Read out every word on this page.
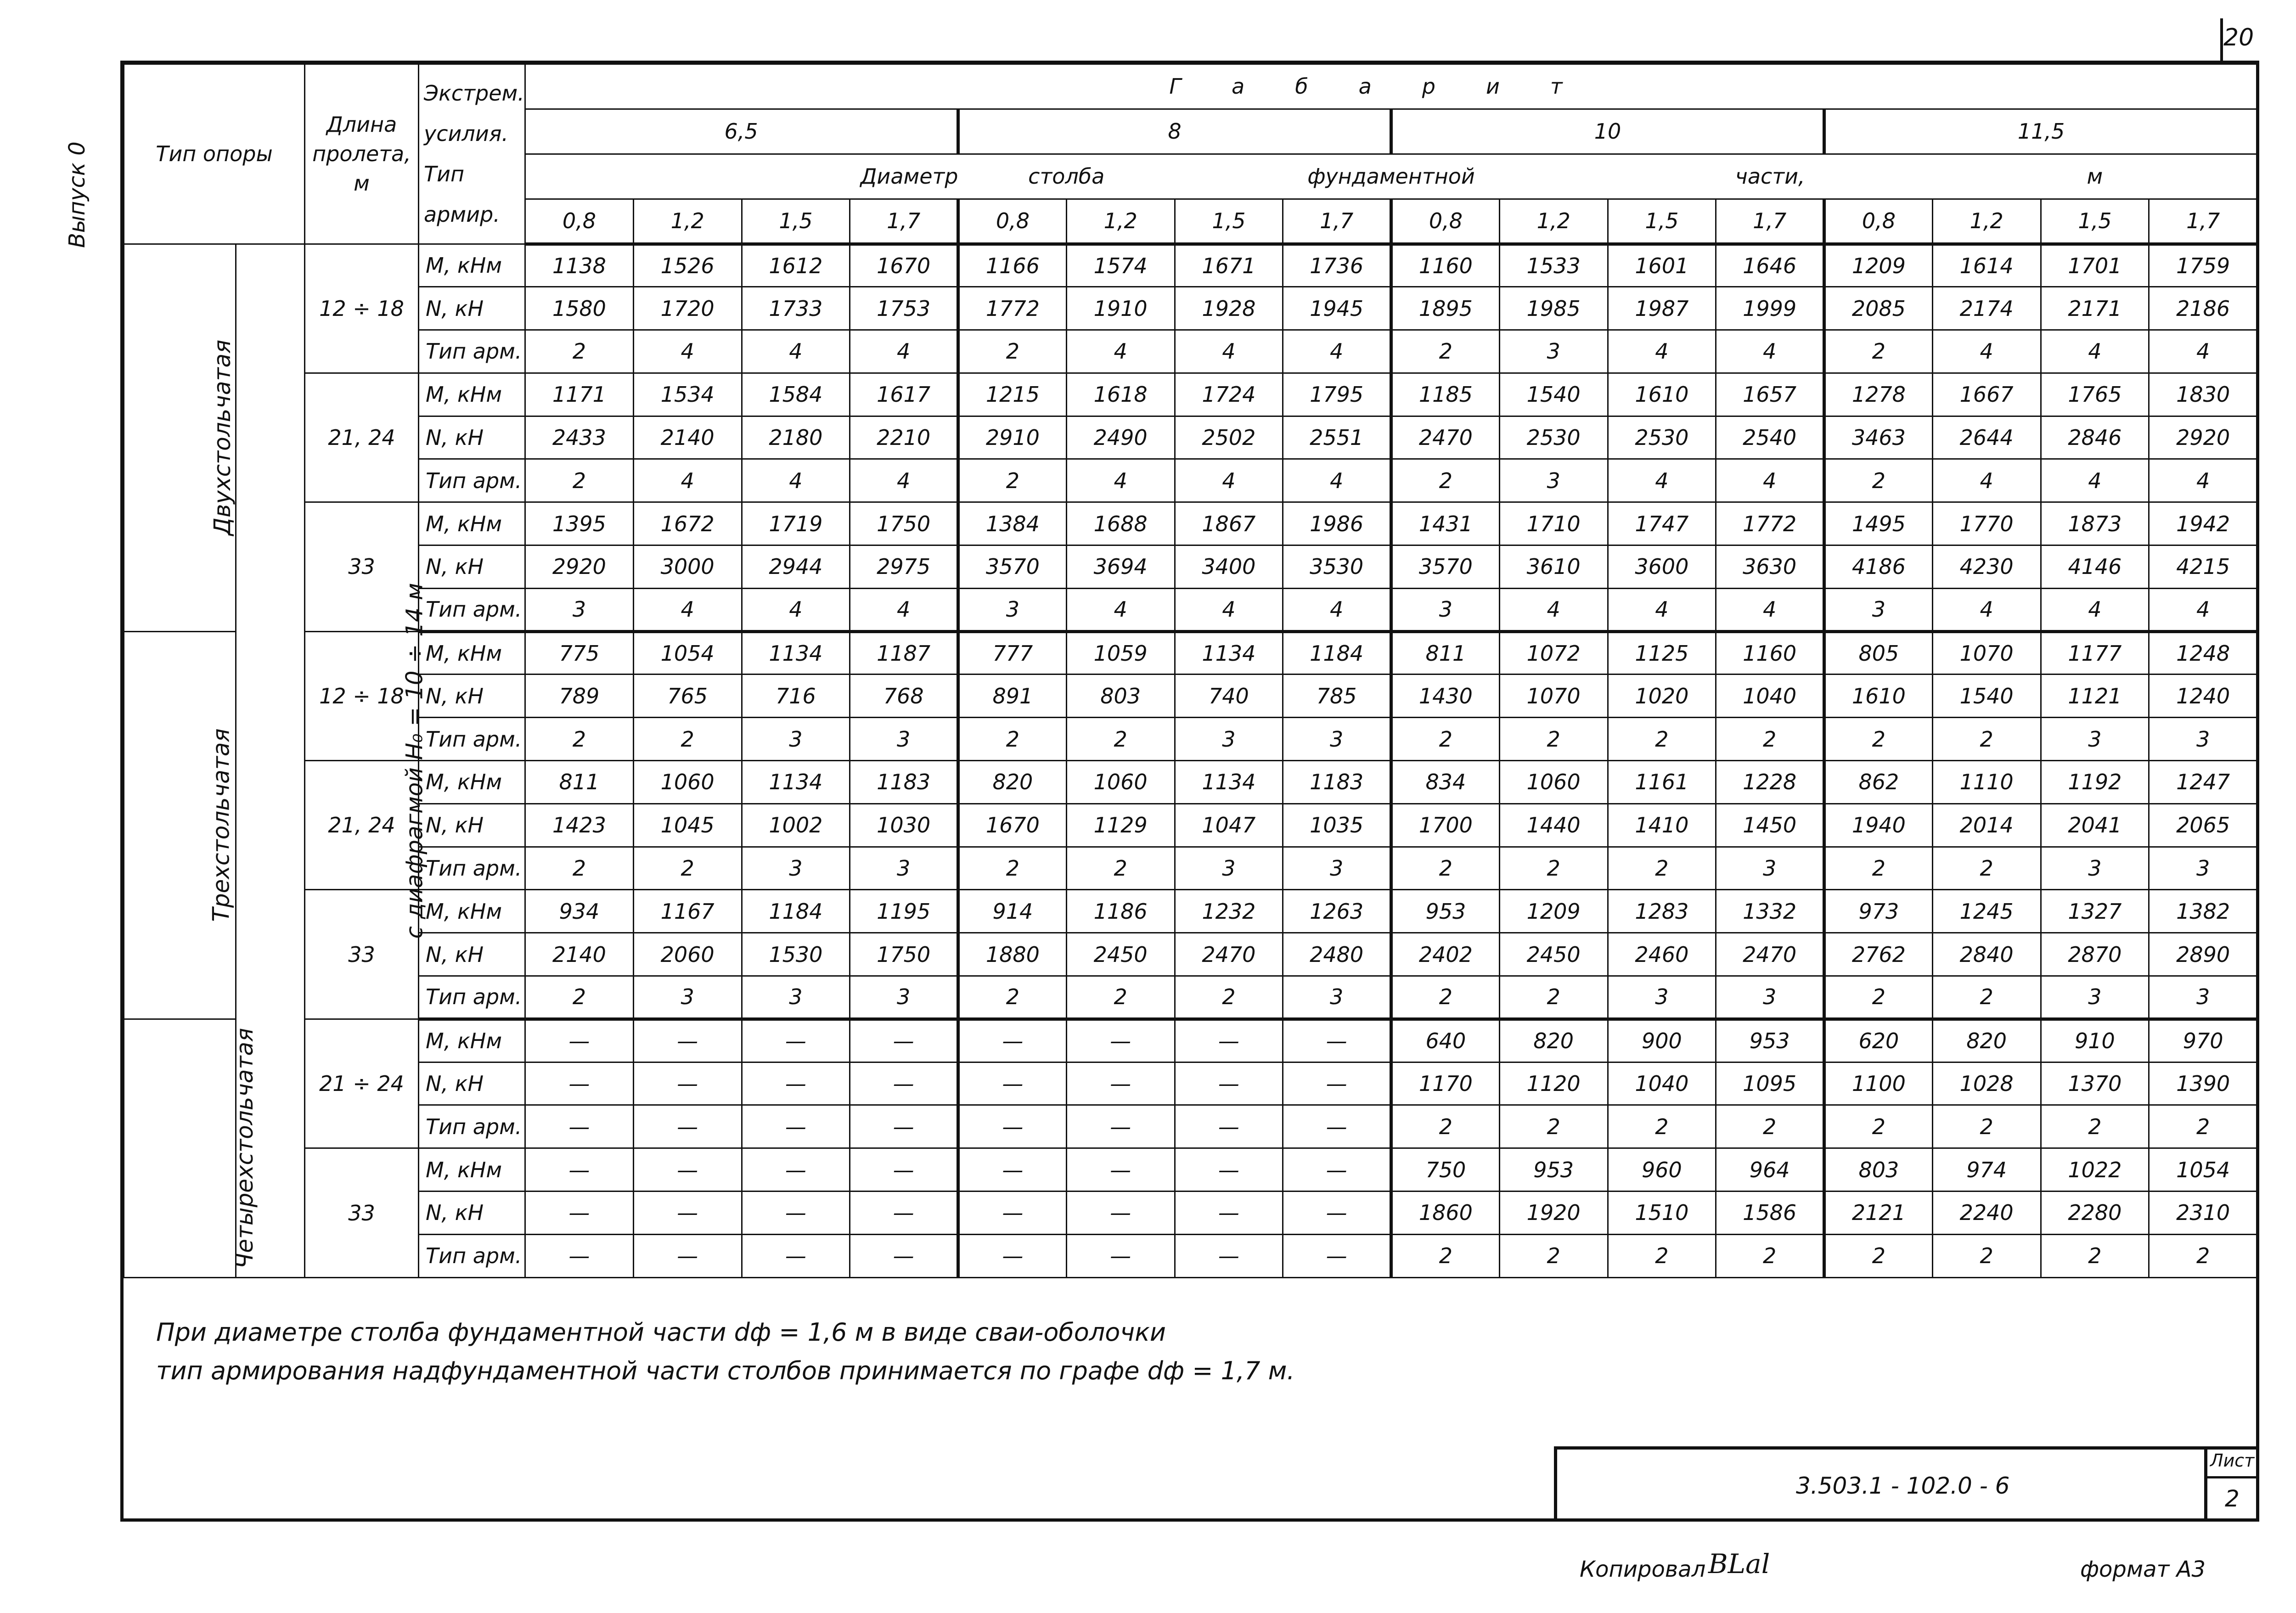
20
Выпуск 0	Тип опоры		Длина пролета, м	Экстрем. усилия. Тип армир.	Габарит															
				6,5				8				10				11,5			
				Диаметр				столба		фундаментной				части,			м		
				0,8	1,2	1,5	1,7	0,8	1,2	1,5	1,7	0,8	1,2	1,5	1,7	0,8	1,2	1,5	1,7
Двухстольчатая	с диафрагмой H₀ = 10 ÷ 14 м	12 ÷ 18	M, кНм	1138	1526	1612	1670	1166	1574	1671	1736	1160	1533	1601	1646	1209	1614	1701	1759
			N, кН	1580	1720	1733	1753	1772	1910	1928	1945	1895	1985	1987	1999	2085	2174	2171	2186
			Тип арм.	2	4	4	4	2	4	4	4	2	3	4	4	2	4	4	4
		21, 24	M, кНм	1171	1534	1584	1617	1215	1618	1724	1795	1185	1540	1610	1657	1278	1667	1765	1830
			N, кН	2433	2140	2180	2210	2910	2490	2502	2551	2470	2530	2530	2540	3463	2644	2846	2920
			Тип арм.	2	4	4	4	2	4	4	4	2	3	4	4	2	4	4	4
		33	M, кНм	1395	1672	1719	1750	1384	1688	1867	1986	1431	1710	1747	1772	1495	1770	1873	1942
			N, кН	2920	3000	2944	2975	3570	3694	3400	3530	3570	3610	3600	3630	4186	4230	4146	4215
			Тип арм.	3	4	4	4	3	4	4	4	3	4	4	4	3	4	4	4
Трехстольчатая		12 ÷ 18	M, кНм	775	1054	1134	1187	777	1059	1134	1184	811	1072	1125	1160	805	1070	1177	1248
			N, кН	789	765	716	768	891	803	740	785	1430	1070	1020	1040	1610	1540	1121	1240
			Тип арм.	2	2	3	3	2	2	3	3	2	2	2	2	2	2	3	3
		21, 24	M, кНм	811	1060	1134	1183	820	1060	1134	1183	834	1060	1161	1228	862	1110	1192	1247
			N, кН	1423	1045	1002	1030	1670	1129	1047	1035	1700	1440	1410	1450	1940	2014	2041	2065
			Тип арм.	2	2	3	3	2	2	3	3	2	2	2	3	2	2	3	3
		33	M, кНм	934	1167	1184	1195	914	1186	1232	1263	953	1209	1283	1332	973	1245	1327	1382
			N, кН	2140	2060	1530	1750	1880	2450	2470	2480	2402	2450	2460	2470	2762	2840	2870	2890
			Тип арм.	2	3	3	3	2	2	2	3	2	2	3	3	2	2	3	3
Четырехстольчатая		21 ÷ 24	M, кНм	—	—	—	—	—	—	—	—	640	820	900	953	620	820	910	970
			N, кН	—	—	—	—	—	—	—	—	1170	1120	1040	1095	1100	1028	1370	1390
			Тип арм.	—	—	—	—	—	—	—	—	2	2	2	2	2	2	2	2
		33	M, кНм	—	—	—	—	—	—	—	—	750	953	960	964	803	974	1022	1054
			N, кН	—	—	—	—	—	—	—	—	1860	1920	1510	1586	2121	2240	2280	2310
			Тип арм.	—	—	—	—	—	—	—	—	2	2	2	2	2	2	2	2
При диаметре столба фундаментной части dф = 1,6 м в виде сваи-оболочки
тип армирования надфундаментной части столбов принимается по графе dф = 1,7 м.
3.503.1 - 102.0 - 6
Лист
2
Копировал BLal	формат A3
